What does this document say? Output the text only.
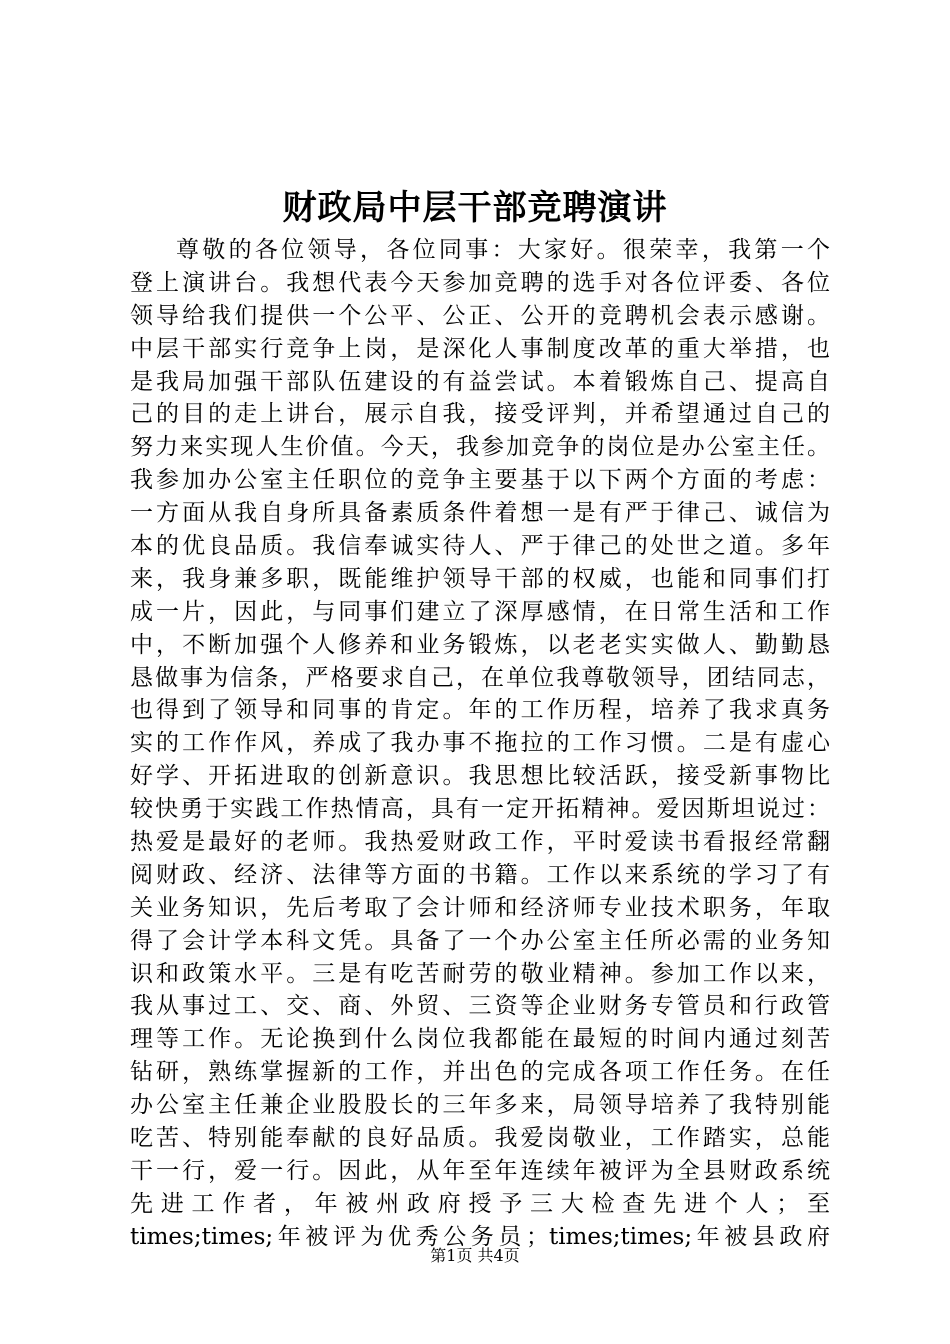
财政局中层干部竞聘演讲
尊敬的各位领导，各位同事：大家好。很荣幸，我第一个
登上演讲台。我想代表今天参加竞聘的选手对各位评委、各位
领导给我们提供一个公平、公正、公开的竞聘机会表示感谢。
中层干部实行竞争上岗，是深化人事制度改革的重大举措，也
是我局加强干部队伍建设的有益尝试。本着锻炼自己、提高自
己的目的走上讲台，展示自我，接受评判，并希望通过自己的
努力来实现人生价值。今天，我参加竞争的岗位是办公室主任。
我参加办公室主任职位的竞争主要基于以下两个方面的考虑：
一方面从我自身所具备素质条件着想一是有严于律己、诚信为
本的优良品质。我信奉诚实待人、严于律己的处世之道。多年
来，我身兼多职，既能维护领导干部的权威，也能和同事们打
成一片，因此，与同事们建立了深厚感情，在日常生活和工作
中，不断加强个人修养和业务锻炼，以老老实实做人、勤勤恳
恳做事为信条，严格要求自己，在单位我尊敬领导，团结同志，
也得到了领导和同事的肯定。年的工作历程，培养了我求真务
实的工作作风，养成了我办事不拖拉的工作习惯。二是有虚心
好学、开拓进取的创新意识。我思想比较活跃，接受新事物比
较快勇于实践工作热情高，具有一定开拓精神。爱因斯坦说过：
热爱是最好的老师。我热爱财政工作，平时爱读书看报经常翻
阅财政、经济、法律等方面的书籍。工作以来系统的学习了有
关业务知识，先后考取了会计师和经济师专业技术职务，年取
得了会计学本科文凭。具备了一个办公室主任所必需的业务知
识和政策水平。三是有吃苦耐劳的敬业精神。参加工作以来，
我从事过工、交、商、外贸、三资等企业财务专管员和行政管
理等工作。无论换到什么岗位我都能在最短的时间内通过刻苦
钻研，熟练掌握新的工作，并出色的完成各项工作任务。在任
办公室主任兼企业股股长的三年多来，局领导培养了我特别能
吃苦、特别能奉献的良好品质。我爱岗敬业，工作踏实，总能
干一行，爱一行。因此，从年至年连续年被评为全县财政系统
先进工作者，年被州政府授予三大检查先进个人；至
times;times;年被评为优秀公务员；times;times;年被县政府
第1页 共4页
